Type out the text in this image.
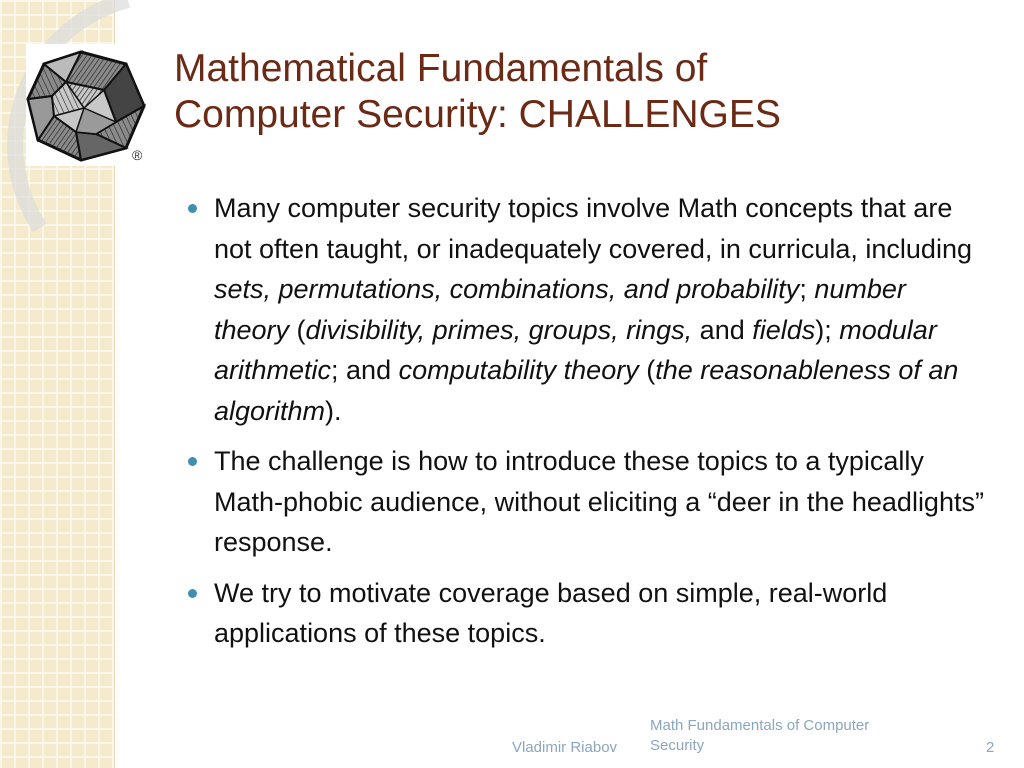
®
Mathematical Fundamentals of
Computer Security: CHALLENGES
Many computer security topics involve Math concepts that are not often taught, or inadequately covered, in curricula, including sets, permutations, combinations, and probability; number theory (divisibility, primes, groups, rings, and fields); modular arithmetic; and computability theory (the reasonableness of an algorithm).
The challenge is how to introduce these topics to a typically Math-phobic audience, without eliciting a “deer in the headlights” response.
We try to motivate coverage based on simple, real-world applications of these topics.
Vladimir Riabov
Math Fundamentals of Computer Security	2
